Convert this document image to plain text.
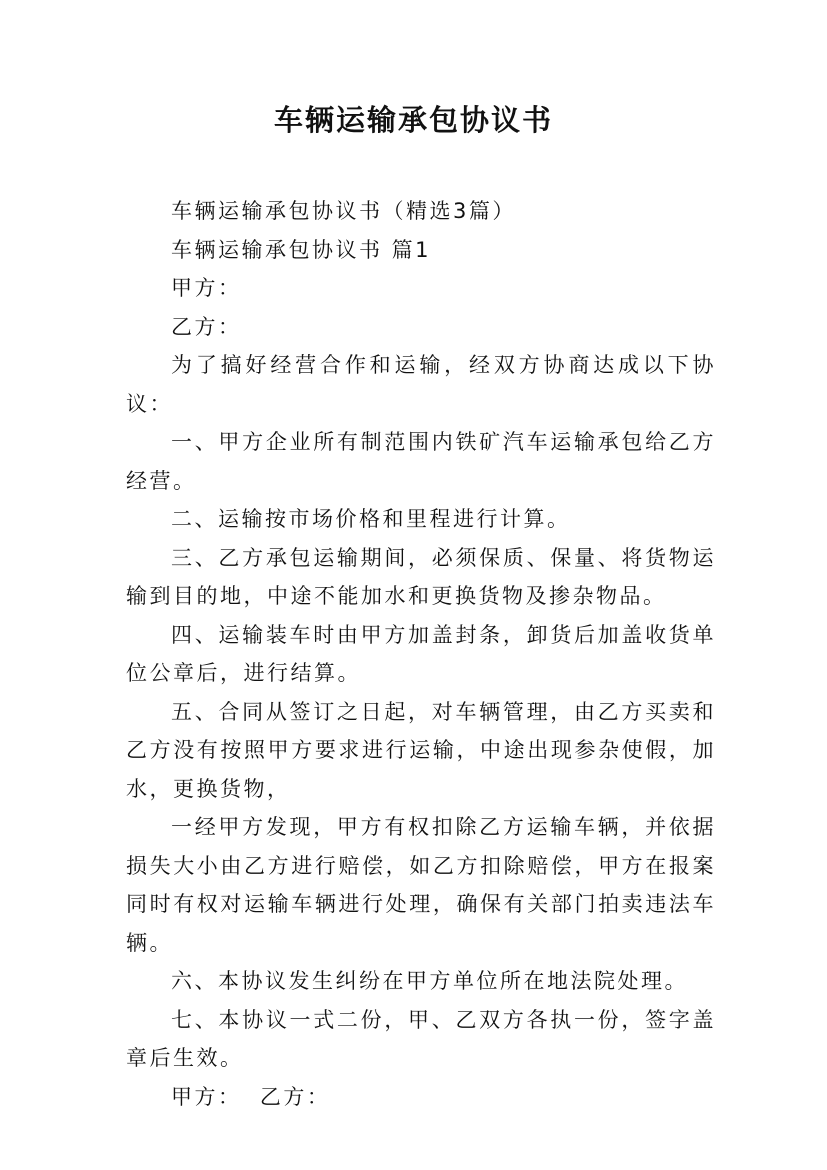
车辆运输承包协议书

车辆运输承包协议书（精选3篇）

车辆运输承包协议书 篇1

甲方：

乙方：

为了搞好经营合作和运输，经双方协商达成以下协议：

一、甲方企业所有制范围内铁矿汽车运输承包给乙方经营。

二、运输按市场价格和里程进行计算。

三、乙方承包运输期间，必须保质、保量、将货物运输到目的地，中途不能加水和更换货物及掺杂物品。

四、运输装车时由甲方加盖封条，卸货后加盖收货单位公章后，进行结算。

五、合同从签订之日起，对车辆管理，由乙方买卖和乙方没有按照甲方要求进行运输，中途出现参杂使假，加水，更换货物，

一经甲方发现，甲方有权扣除乙方运输车辆，并依据损失大小由乙方进行赔偿，如乙方扣除赔偿，甲方在报案同时有权对运输车辆进行处理，确保有关部门拍卖违法车辆。

六、本协议发生纠纷在甲方单位所在地法院处理。

七、本协议一式二份，甲、乙双方各执一份，签字盖章后生效。

甲方：  乙方：
